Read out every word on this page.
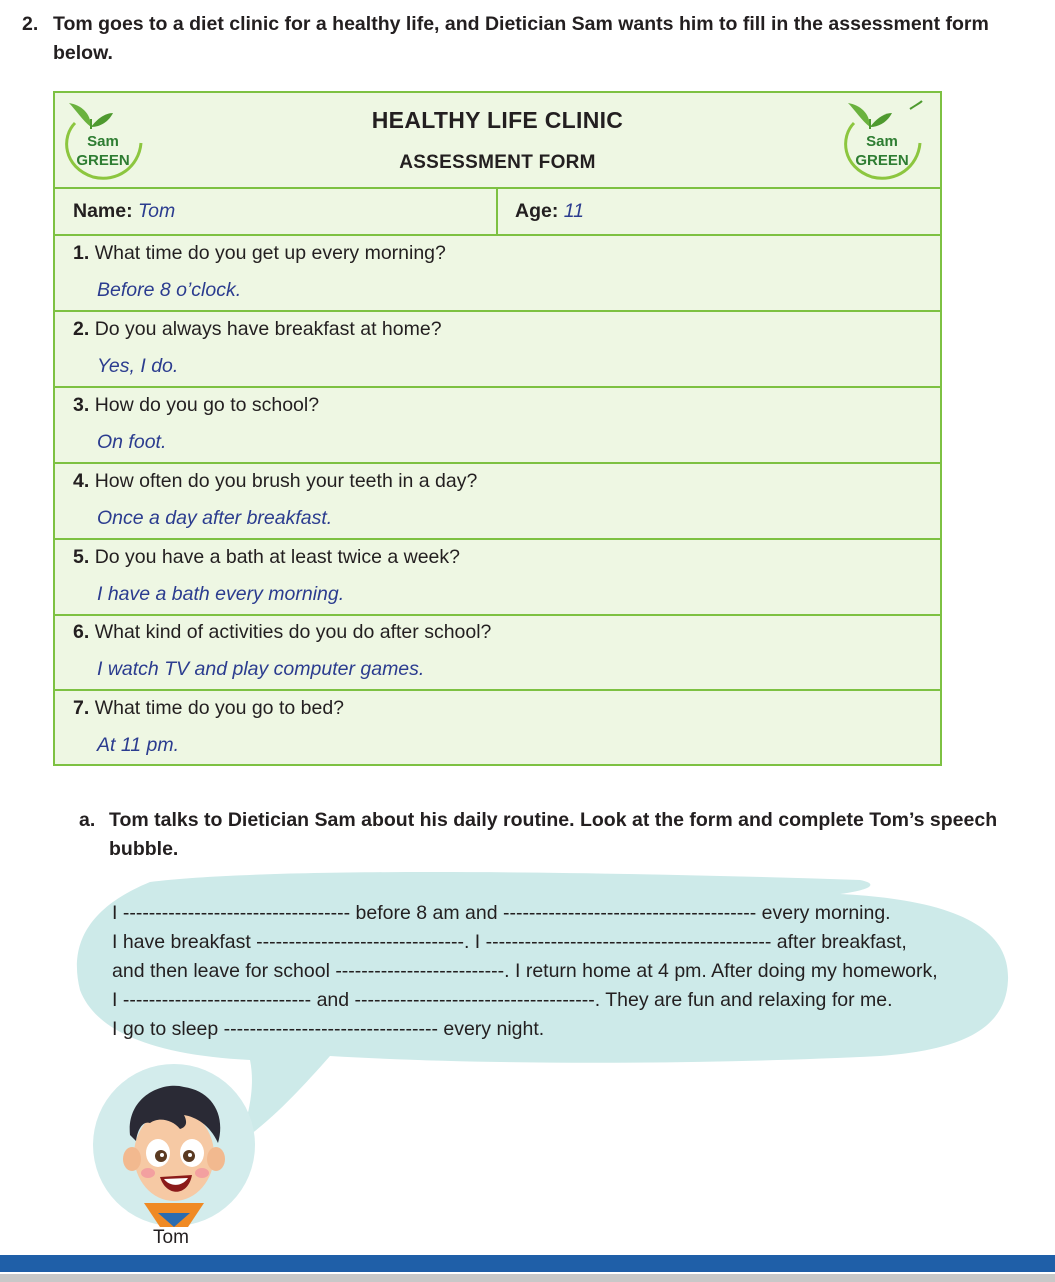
2. Tom goes to a diet clinic for a healthy life, and Dietician Sam wants him to fill in the assessment form below.
Sam
GREEN
HEALTHY LIFE CLINIC
ASSESSMENT FORM
Sam
GREEN
Name: Tom	Age: 11
1. What time do you get up every morning?
Before 8 o’clock.
2. Do you always have breakfast at home?
Yes, I do.
3. How do you go to school?
On foot.
4. How often do you brush your teeth in a day?
Once a day after breakfast.
5. Do you have a bath at least twice a week?
I have a bath every morning.
6. What kind of activities do you do after school?
I watch TV and play computer games.
7. What time do you go to bed?
At 11 pm.
a. Tom talks to Dietician Sam about his daily routine. Look at the form and complete Tom’s speech bubble.
I ----------------------------------- before 8 am and --------------------------------------- every morning.
I have breakfast --------------------------------. I -------------------------------------------- after breakfast,
and then leave for school --------------------------. I return home at 4 pm. After doing my homework,
I ----------------------------- and -------------------------------------. They are fun and relaxing for me.
I go to sleep --------------------------------- every night.
Tom
